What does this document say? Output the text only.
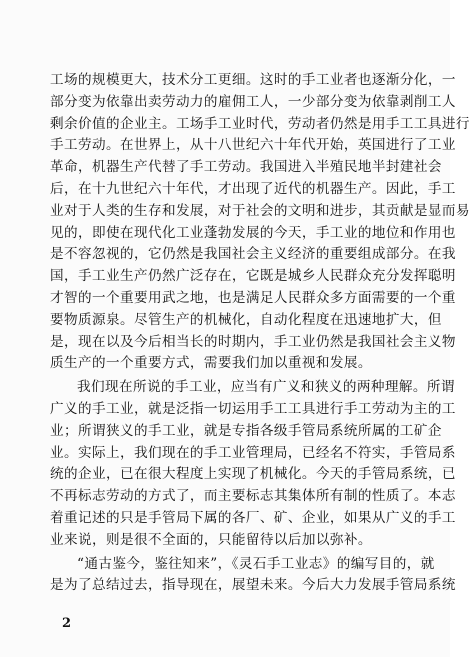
工场的规模更大，技术分工更细。这时的手工业者也逐渐分化，一
部分变为依靠出卖劳动力的雇佣工人，一少部分变为依靠剥削工人
剩余价值的企业主。工场手工业时代，劳动者仍然是用手工工具进行
手工劳动。在世界上，从十八世纪六十年代开始，英国进行了工业
革命，机器生产代替了手工劳动。我国进入半殖民地半封建社会
后，在十九世纪六十年代，才出现了近代的机器生产。因此，手工
业对于人类的生存和发展，对于社会的文明和进步，其贡献是显而易
见的，即使在现代化工业蓬勃发展的今天，手工业的地位和作用也
是不容忽视的，它仍然是我国社会主义经济的重要组成部分。在我
国，手工业生产仍然广泛存在，它既是城乡人民群众充分发挥聪明
才智的一个重要用武之地，也是满足人民群众多方面需要的一个重
要物质源泉。尽管生产的机械化，自动化程度在迅速地扩大，但
是，现在以及今后相当长的时期内，手工业仍然是我国社会主义物
质生产的一个重要方式，需要我们加以重视和发展。
我们现在所说的手工业，应当有广义和狭义的两种理解。所谓
广义的手工业，就是泛指一切运用手工工具进行手工劳动为主的工
业；所谓狭义的手工业，就是专指各级手管局系统所属的工矿企
业。实际上，我们现在的手工业管理局，已经名不符实，手管局系
统的企业，已在很大程度上实现了机械化。今天的手管局系统，已
不再标志劳动的方式了，而主要标志其集体所有制的性质了。本志
着重记述的只是手管局下属的各厂、矿、企业，如果从广义的手工
业来说，则是很不全面的，只能留待以后加以弥补。
“通古鉴今，鉴往知来”，《灵石手工业志》的编写目的，就
是为了总结过去，指导现在，展望未来。今后大力发展手管局系统
2
